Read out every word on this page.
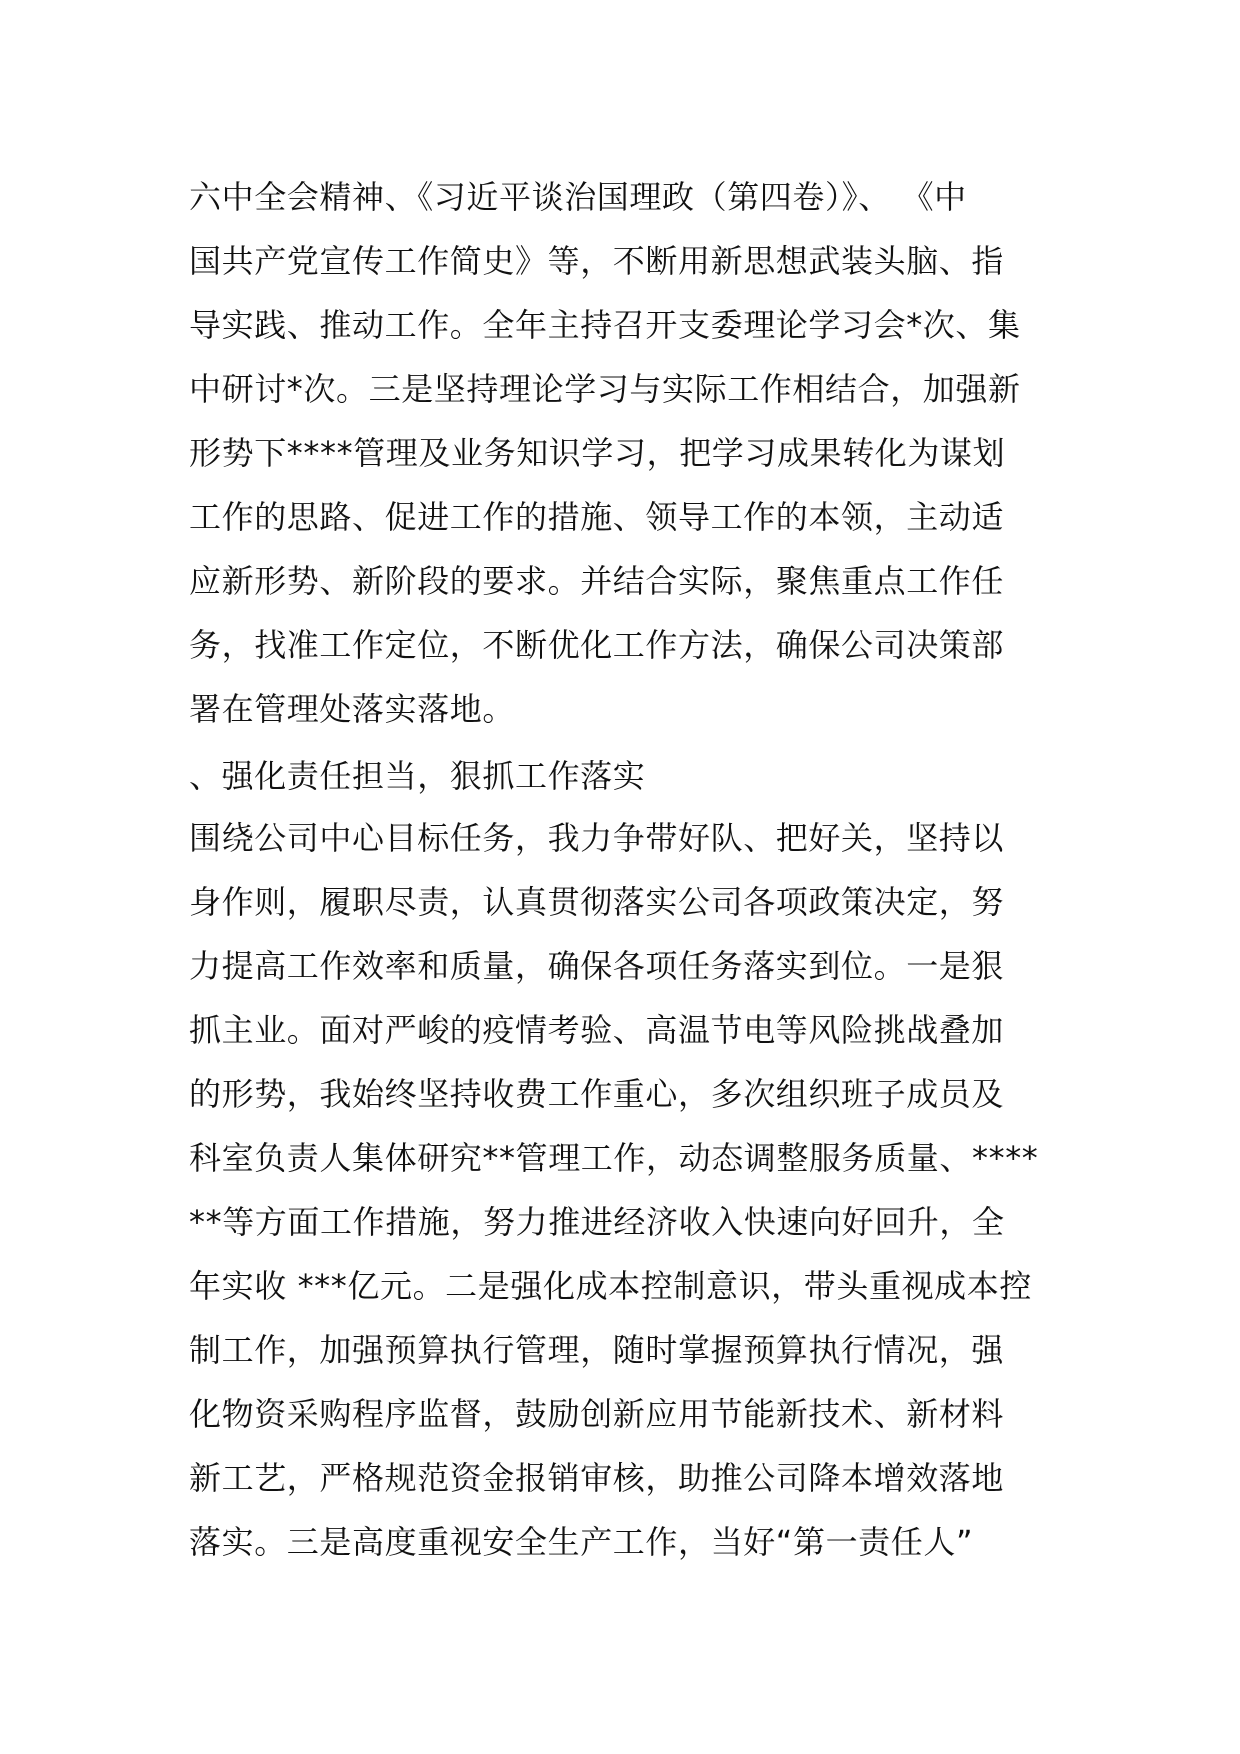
六中全会精神、《习近平谈治国理政（第四卷）》、 《中
国共产党宣传工作简史》等，不断用新思想武装头脑、指
导实践、推动工作。全年主持召开支委理论学习会*次、集
中研讨*次。三是坚持理论学习与实际工作相结合，加强新
形势下****管理及业务知识学习，把学习成果转化为谋划
工作的思路、促进工作的措施、领导工作的本领，主动适
应新形势、新阶段的要求。并结合实际，聚焦重点工作任
务，找准工作定位，不断优化工作方法，确保公司决策部
署在管理处落实落地。
、强化责任担当，狠抓工作落实
围绕公司中心目标任务，我力争带好队、把好关，坚持以
身作则，履职尽责，认真贯彻落实公司各项政策决定，努
力提高工作效率和质量，确保各项任务落实到位。一是狠
抓主业。面对严峻的疫情考验、高温节电等风险挑战叠加
的形势，我始终坚持收费工作重心，多次组织班子成员及
科室负责人集体研究**管理工作，动态调整服务质量、****
**等方面工作措施，努力推进经济收入快速向好回升，全
年实收 ***亿元。二是强化成本控制意识，带头重视成本控
制工作，加强预算执行管理，随时掌握预算执行情况，强
化物资采购程序监督，鼓励创新应用节能新技术、新材料
新工艺，严格规范资金报销审核，助推公司降本增效落地
落实。三是高度重视安全生产工作，当好“第一责任人”
